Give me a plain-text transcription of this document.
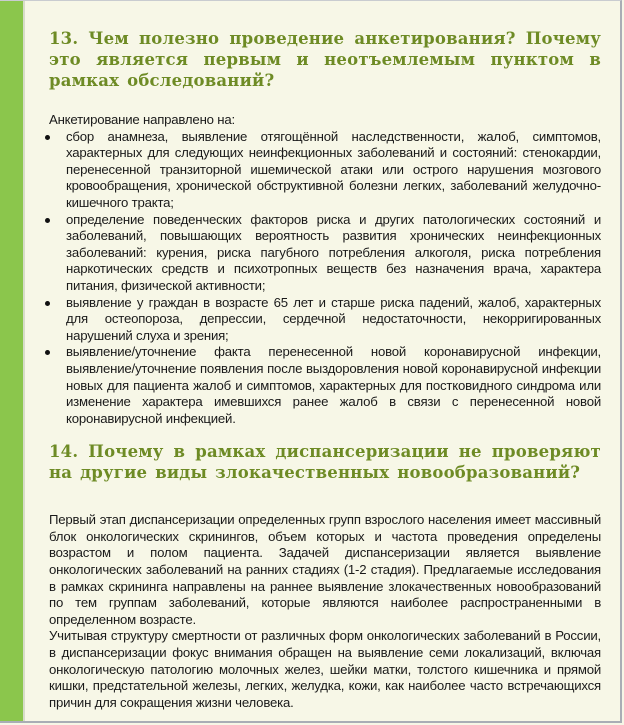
13. Чем полезно проведение анкетирования? Почему это является первым и неотъемлемым пунктом в рамках обследований?

Анкетирование направлено на:

сбор анамнеза, выявление отягощённой наследственности, жалоб, симптомов, характерных для следующих неинфекционных заболеваний и состояний: стенокардии, перенесенной транзиторной ишемической атаки или острого нарушения мозгового кровообращения, хронической обструктивной болезни легких, заболеваний желудочно-кишечного тракта;
определение поведенческих факторов риска и других патологических состояний и заболеваний, повышающих вероятность развития хронических неинфекционных заболеваний: курения, риска пагубного потребления алкоголя, риска потребления наркотических средств и психотропных веществ без назначения врача, характера питания, физической активности;
выявление у граждан в возрасте 65 лет и старше риска падений, жалоб, характерных для остеопороза, депрессии, сердечной недостаточности, некорригированных нарушений слуха и зрения;
выявление/уточнение факта перенесенной новой коронавирусной инфекции, выявление/уточнение появления после выздоровления новой коронавирусной инфекции новых для пациента жалоб и симптомов, характерных для постковидного синдрома или изменение характера имевшихся ранее жалоб в связи с перенесенной новой коронавирусной инфекцией.
14. Почему в рамках диспансеризации не проверяют на другие виды злокачественных новообразований?

Первый этап диспансеризации определенных групп взрослого населения имеет массивный блок онкологических скринингов, объем которых и частота проведения определены возрастом и полом пациента. Задачей диспансеризации является выявление онкологических заболеваний на ранних стадиях (1-2 стадия). Предлагаемые исследования в рамках скрининга направлены на раннее выявление злокачественных новообразований по тем группам заболеваний, которые являются наиболее распространенными в определенном возрасте.

Учитывая структуру смертности от различных форм онкологических заболеваний в России, в диспансеризации фокус внимания обращен на выявление семи локализаций, включая онкологическую патологию молочных желез, шейки матки, толстого кишечника и прямой кишки, предстательной железы, легких, желудка, кожи, как наиболее часто встречающихся причин для сокращения жизни человека.
